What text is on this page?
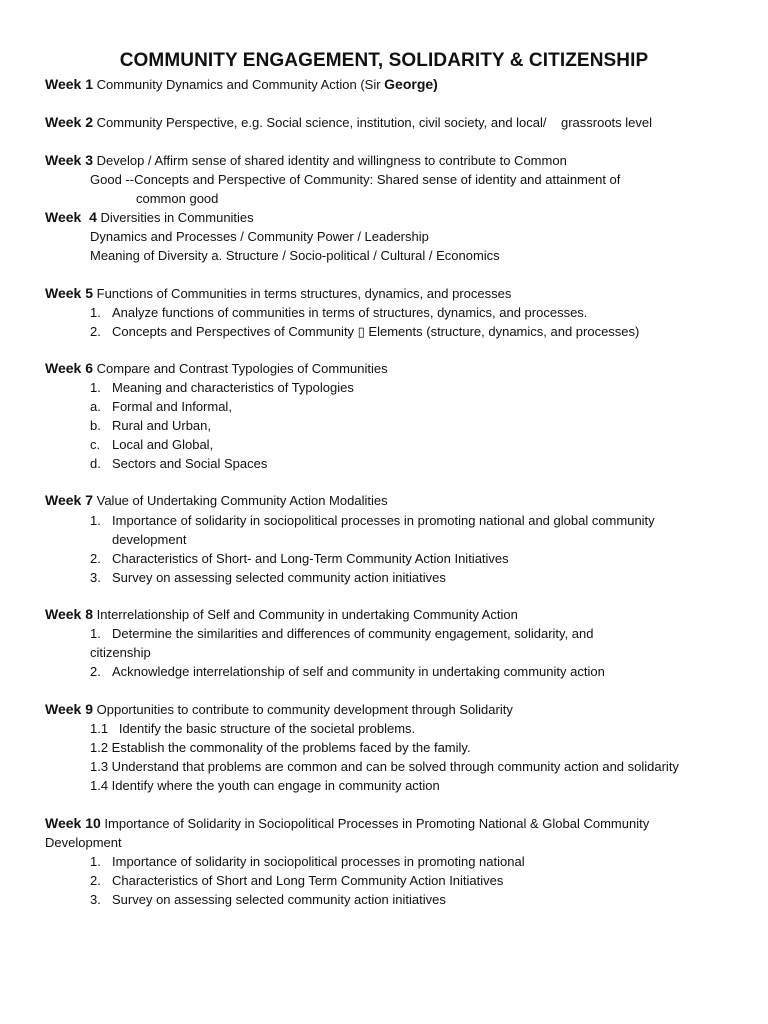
COMMUNITY ENGAGEMENT, SOLIDARITY & CITIZENSHIP
Week 1 Community Dynamics and Community Action (Sir George)
Week 2 Community Perspective, e.g. Social science, institution, civil society, and local/    grassroots level
Week 3 Develop / Affirm sense of shared identity and willingness to contribute to Common
Good --Concepts and Perspective of Community: Shared sense of identity and attainment of
common good
Week  4 Diversities in Communities
Dynamics and Processes / Community Power / Leadership
Meaning of Diversity a. Structure / Socio-political / Cultural / Economics
Week 5 Functions of Communities in terms structures, dynamics, and processes
1. Analyze functions of communities in terms of structures, dynamics, and processes.
2. Concepts and Perspectives of Community ▯ Elements (structure, dynamics, and processes)
Week 6 Compare and Contrast Typologies of Communities
1. Meaning and characteristics of Typologies
a. Formal and Informal,
b. Rural and Urban,
c. Local and Global,
d. Sectors and Social Spaces
Week 7 Value of Undertaking Community Action Modalities
1. Importance of solidarity in sociopolitical processes in promoting national and global community
development
2. Characteristics of Short- and Long-Term Community Action Initiatives
3. Survey on assessing selected community action initiatives
Week 8 Interrelationship of Self and Community in undertaking Community Action
1. Determine the similarities and differences of community engagement, solidarity, and
citizenship
2. Acknowledge interrelationship of self and community in undertaking community action
Week 9 Opportunities to contribute to community development through Solidarity
1.1   Identify the basic structure of the societal problems.
1.2 Establish the commonality of the problems faced by the family.
1.3 Understand that problems are common and can be solved through community action and solidarity
1.4 Identify where the youth can engage in community action
Week 10 Importance of Solidarity in Sociopolitical Processes in Promoting National & Global Community
Development
1. Importance of solidarity in sociopolitical processes in promoting national
2. Characteristics of Short and Long Term Community Action Initiatives
3. Survey on assessing selected community action initiatives
